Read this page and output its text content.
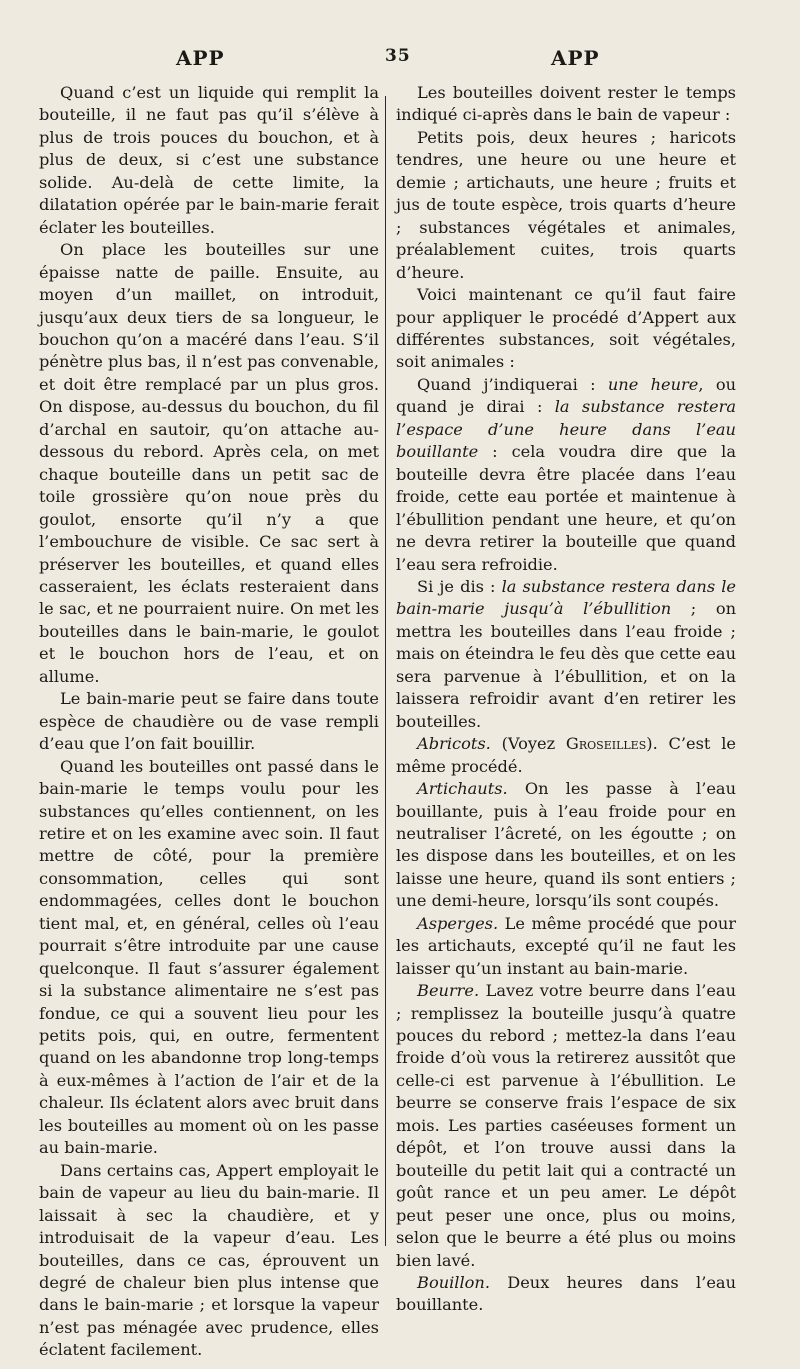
APP	35	APP

Quand c’est un liquide qui remplit la bouteille, il ne faut pas qu’il s’élève à plus de trois pouces du bouchon, et à plus de deux, si c’est une substance solide. Au-delà de cette limite, la dilatation opérée par le bain-marie ferait éclater les bouteilles.

On place les bouteilles sur une épaisse natte de paille. Ensuite, au moyen d’un maillet, on introduit, jusqu’aux deux tiers de sa longueur, le bouchon qu’on a macéré dans l’eau. S’il pénètre plus bas, il n’est pas convenable, et doit être remplacé par un plus gros. On dispose, au-dessus du bouchon, du fil d’archal en sautoir, qu’on attache au-dessous du rebord. Après cela, on met chaque bouteille dans un petit sac de toile grossière qu’on noue près du goulot, ensorte qu’il n’y a que l’embouchure de visible. Ce sac sert à préserver les bouteilles, et quand elles casseraient, les éclats resteraient dans le sac, et ne pourraient nuire. On met les bouteilles dans le bain-marie, le goulot et le bouchon hors de l’eau, et on allume.

Le bain-marie peut se faire dans toute espèce de chaudière ou de vase rempli d’eau que l’on fait bouillir.

Quand les bouteilles ont passé dans le bain-marie le temps voulu pour les substances qu’elles contiennent, on les retire et on les examine avec soin. Il faut mettre de côté, pour la première consommation, celles qui sont endommagées, celles dont le bouchon tient mal, et, en général, celles où l’eau pourrait s’être introduite par une cause quelconque. Il faut s’assurer également si la substance alimentaire ne s’est pas fondue, ce qui a souvent lieu pour les petits pois, qui, en outre, fermentent quand on les abandonne trop long-temps à eux-mêmes à l’action de l’air et de la chaleur. Ils éclatent alors avec bruit dans les bouteilles au moment où on les passe au bain-marie.

Dans certains cas, Appert employait le bain de vapeur au lieu du bain-marie. Il laissait à sec la chaudière, et y introduisait de la vapeur d’eau. Les bouteilles, dans ce cas, éprouvent un degré de chaleur bien plus intense que dans le bain-marie ; et lorsque la vapeur n’est pas ménagée avec prudence, elles éclatent facilement.

Les bouteilles doivent rester le temps indiqué ci-après dans le bain de vapeur :

Petits pois, deux heures ; haricots tendres, une heure ou une heure et demie ; artichauts, une heure ; fruits et jus de toute espèce, trois quarts d’heure ; substances végétales et animales, préalablement cuites, trois quarts d’heure.

Voici maintenant ce qu’il faut faire pour appliquer le procédé d’Appert aux différentes substances, soit végétales, soit animales :

Quand j’indiquerai : une heure, ou quand je dirai : la substance restera l’espace d’une heure dans l’eau bouillante : cela voudra dire que la bouteille devra être placée dans l’eau froide, cette eau portée et maintenue à l’ébullition pendant une heure, et qu’on ne devra retirer la bouteille que quand l’eau sera refroidie.

Si je dis : la substance restera dans le bain-marie jusqu’à l’ébullition ; on mettra les bouteilles dans l’eau froide ; mais on éteindra le feu dès que cette eau sera parvenue à l’ébullition, et on la laissera refroidir avant d’en retirer les bouteilles.

Abricots. (Voyez Groseilles). C’est le même procédé.

Artichauts. On les passe à l’eau bouillante, puis à l’eau froide pour en neutraliser l’âcreté, on les égoutte ; on les dispose dans les bouteilles, et on les laisse une heure, quand ils sont entiers ; une demi-heure, lorsqu’ils sont coupés.

Asperges. Le même procédé que pour les artichauts, excepté qu’il ne faut les laisser qu’un instant au bain-marie.

Beurre. Lavez votre beurre dans l’eau ; remplissez la bouteille jusqu’à quatre pouces du rebord ; mettez-la dans l’eau froide d’où vous la retirerez aussitôt que celle-ci est parvenue à l’ébullition. Le beurre se conserve frais l’espace de six mois. Les parties caséeuses forment un dépôt, et l’on trouve aussi dans la bouteille du petit lait qui a contracté un goût rance et un peu amer. Le dépôt peut peser une once, plus ou moins, selon que le beurre a été plus ou moins bien lavé.

Bouillon. Deux heures dans l’eau bouillante.
